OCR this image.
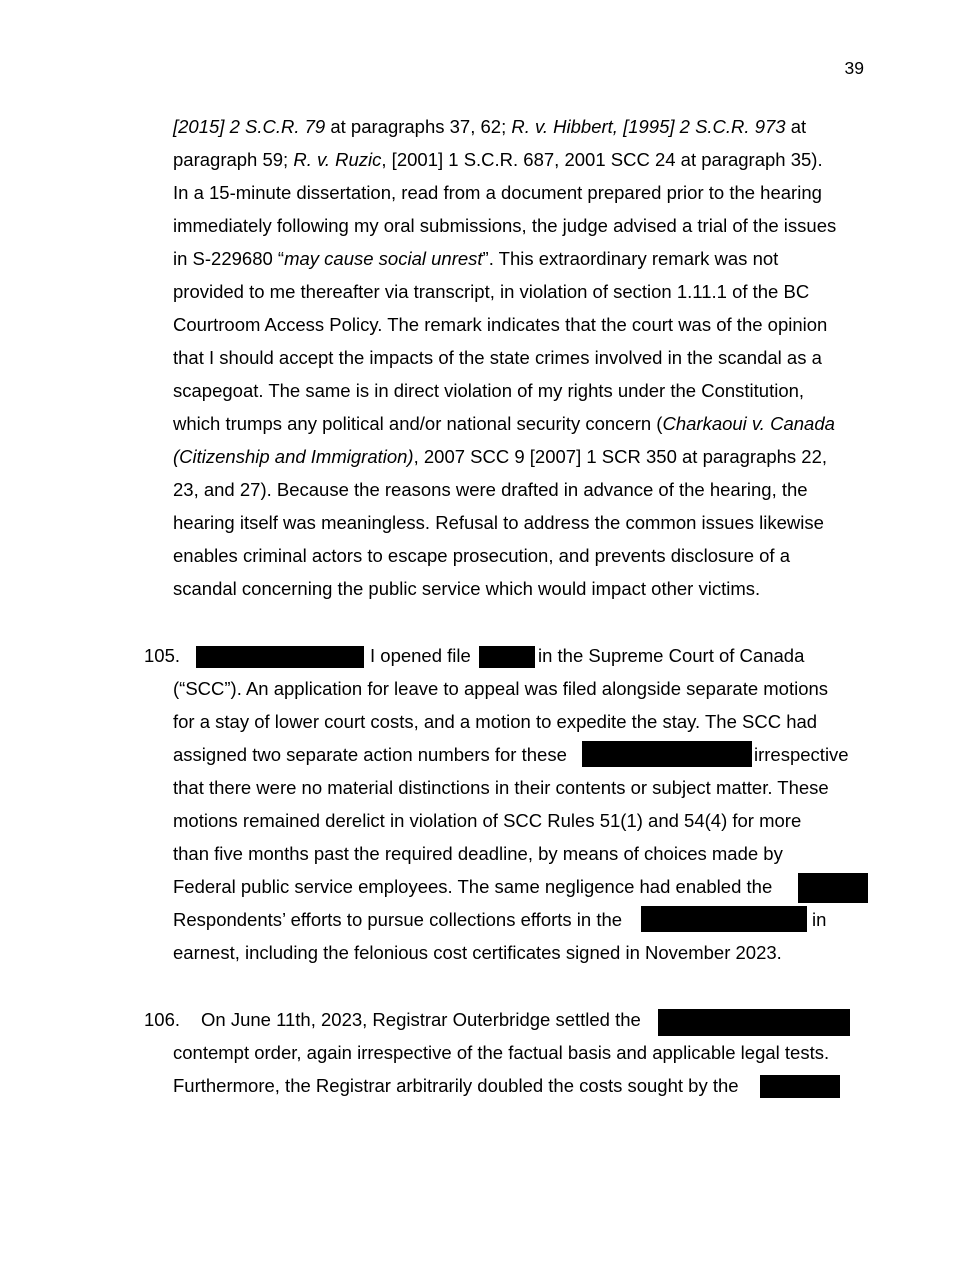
39
[2015] 2 S.C.R. 79 at paragraphs 37, 62; R. v. Hibbert, [1995] 2 S.C.R. 973 at
paragraph 59; R. v. Ruzic, [2001] 1 S.C.R. 687, 2001 SCC 24 at paragraph 35).
In a 15-minute dissertation, read from a document prepared prior to the hearing
immediately following my oral submissions, the judge advised a trial of the issues
in S-229680 “may cause social unrest”. This extraordinary remark was not
provided to me thereafter via transcript, in violation of section 1.11.1 of the BC
Courtroom Access Policy. The remark indicates that the court was of the opinion
that I should accept the impacts of the state crimes involved in the scandal as a
scapegoat. The same is in direct violation of my rights under the Constitution,
which trumps any political and/or national security concern (Charkaoui v. Canada
(Citizenship and Immigration), 2007 SCC 9 [2007] 1 SCR 350 at paragraphs 22,
23, and 27). Because the reasons were drafted in advance of the hearing, the
hearing itself was meaningless. Refusal to address the common issues likewise
enables criminal actors to escape prosecution, and prevents disclosure of a
scandal concerning the public service which would impact other victims.
105.	I opened file	in the Supreme Court of Canada
(“SCC”). An application for leave to appeal was filed alongside separate motions
for a stay of lower court costs, and a motion to expedite the stay. The SCC had
assigned two separate action numbers for these	irrespective
that there were no material distinctions in their contents or subject matter. These
motions remained derelict in violation of SCC Rules 51(1) and 54(4) for more
than five months past the required deadline, by means of choices made by
Federal public service employees. The same negligence had enabled the
Respondents’ efforts to pursue collections efforts in the	in
earnest, including the felonious cost certificates signed in November 2023.
106. On June 11th, 2023, Registrar Outerbridge settled the
contempt order, again irrespective of the factual basis and applicable legal tests.
Furthermore, the Registrar arbitrarily doubled the costs sought by the
